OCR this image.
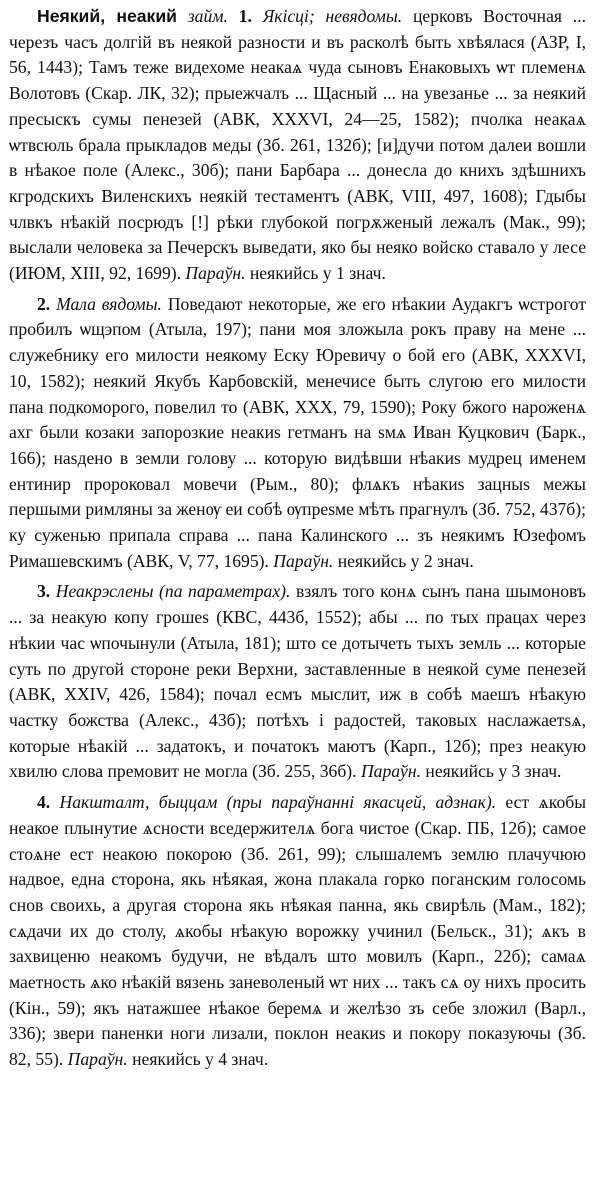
Неякий, неакий займ. 1. Якісці; невядомы. церковъ Восточная ... черезъ часъ долгій въ неякой разности и въ расколѣ быть хвѣялася (АЗР, I, 56, 1443); Тамъ теже видехоме неакаѧ чуда сыновъ Енаковыхъ ѡт племенѧ Волотовъ (Скар. ЛК, 32); прыежчалъ ... Щасный ... на увезанье ... за неякий пресыскъ сумы пенезей (АВК, XXXVI, 24—25, 1582); пчолка неакаѧ ѡтвсюль брала прыкладов меды (Зб. 261, 132б); [и]дучи потом далеи вошли в нѣакое поле (Алекс., 30б); пани Барбара ... донесла до книхъ здѣшнихъ кгродскихъ Виленскихъ неякій тестаментъ (АВК, VIII, 497, 1608); Гдыбы члвкъ нѣакій посрюдъ [!] рѣки глубокой погрѫженый лежалъ (Мак., 99); выслали человека за Печерскъ выведати, яко бы неяко войско ставало у лесе (ИЮМ, XIII, 92, 1699). Параўн. неякийсь у 1 знач.

2. Мала вядомы. Поведают некоторые, же его нѣакии Аудакгъ ѡстрогот пробилъ ѡщэпом (Атыла, 197); пани моя зложыла рокъ праву на мене ... служебнику его милости неякому Еску Юревичу о бой его (АВК, XXXVI, 10, 1582); неякий Якубъ Карбовскій, менечисе быть слугою его милости пана подкоморого, повелил то (АВК, XXX, 79, 1590); Року бжого нароженѧ ахг были козаки запорозкие неакиѕ гетманъ на ѕмѧ Иван Куцкович (Барк., 166); наѕдено в земли голову ... которую видѣвши нѣакиѕ мудрец именем ентинир пророковал мовечи (Рым., 80); флѧкъ нѣакиѕ зацныѕ межы першыми римляны за женѹ еи собѣ ѹпреѕме мѣть прагнулъ (Зб. 752, 437б); ку суженью припала справа ... пана Калинского ... зъ неякимъ Юзефомъ Римашевскимъ (АВК, V, 77, 1695). Параўн. неякийсь у 2 знач.

3. Неакрэслены (па параметрах). взялъ того конѧ сынъ пана шымоновъ ... за неакую копу грошеѕ (КВС, 443б, 1552); абы ... по тых працах через нѣкии час ѡпочынули (Атыла, 181); што се дотычеть тыхъ земль ... которые суть по другой стороне реки Верхни, заставленные в неякой суме пенезей (АВК, XXIV, 426, 1584); почал есмъ мыслит, иж в собѣ маешъ нѣакую частку божства (Алекс., 43б); потѣхъ і радостей, таковых наслажаетѕѧ, которые нѣакій ... задатокъ, и початокъ маютъ (Карп., 12б); през неакую хвилю слова премовит не могла (Зб. 255, 36б). Параўн. неякийсь у 3 знач.

4. Накшталт, быццам (пры параўнанні якасцей, адзнак). ест ѧкобы неакое плынутие ѧсности вседержителѧ бога чистое (Скар. ПБ, 12б); самое стоѧне ест неакою покорою (Зб. 261, 99); слышалемъ землю плачучюю надвое, една сторона, якь нѣякая, жона плакала горко поганским голосомь снов своихь, а другая сторона якь нѣякая панна, якь свирѣль (Мам., 182); сѧдачи их до столу, ѧкобы нѣакую ворожку учинил (Бельск., 31); ѧкъ в захвиценю неакомъ будучи, не вѣдалъ што мовилъ (Карп., 22б); самаѧ маетность ѧко нѣакій вязень заневоленый ѡт них ... такъ сѧ оу нихъ просить (Кін., 59); якъ натажшее нѣакое беремѧ и желѣзо зъ себе зложил (Варл., 336); звери паненки ноги лизали, поклон неакиѕ и покору показуючы (Зб. 82, 55). Параўн. неякийсь у 4 знач.
